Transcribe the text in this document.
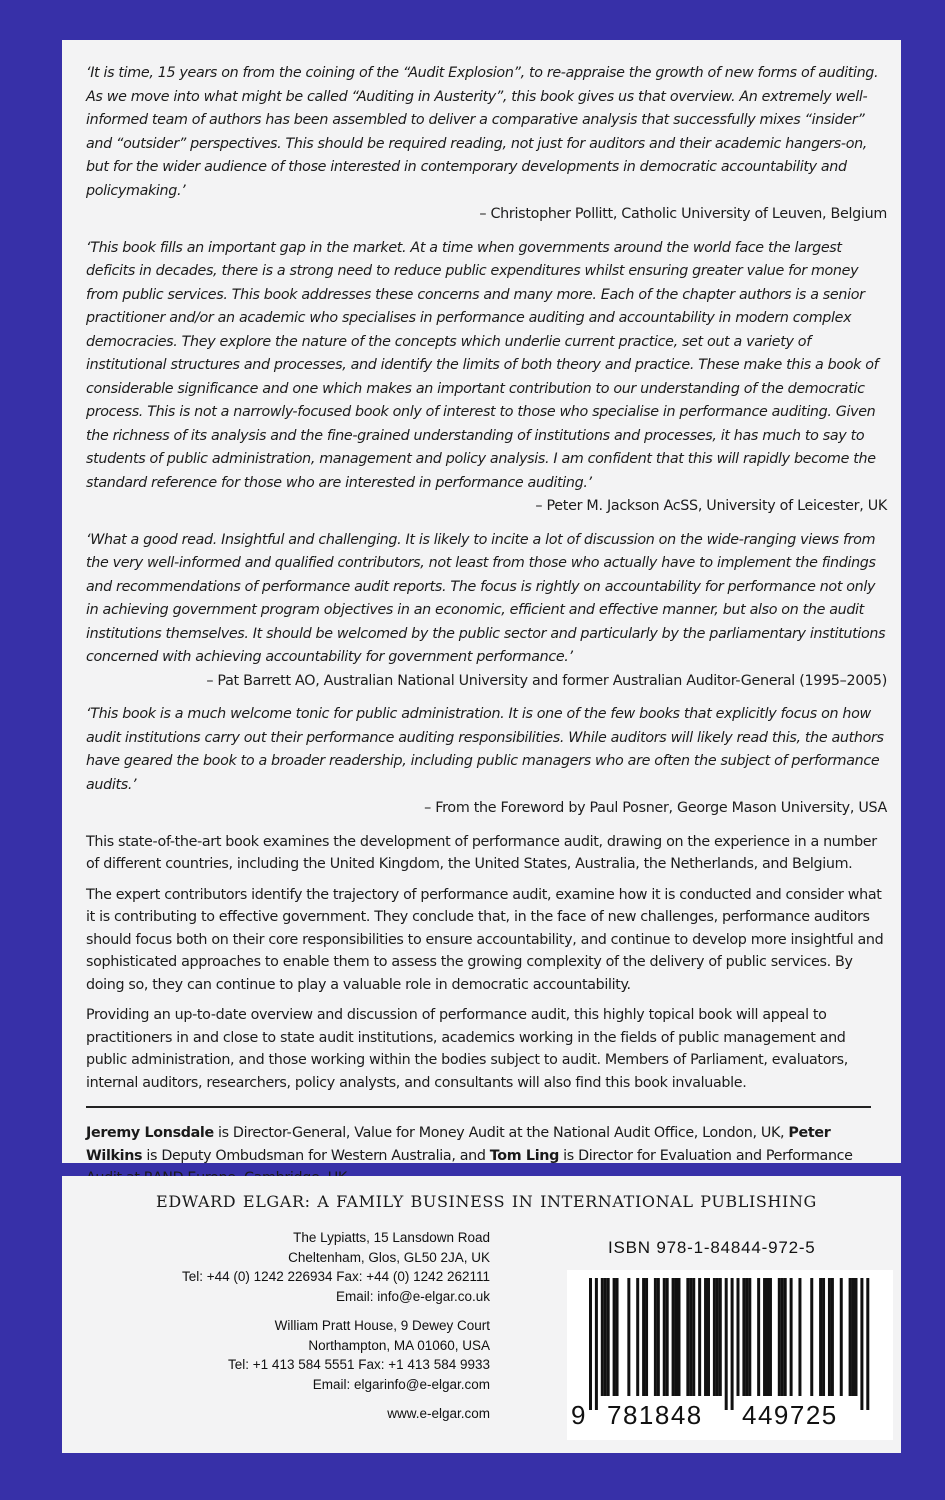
‘It is time, 15 years on from the coining of the “Audit Explosion”, to re-appraise the growth of new forms of auditing. As we move into what might be called “Auditing in Austerity”, this book gives us that overview. An extremely well-informed team of authors has been assembled to deliver a comparative analysis that successfully mixes “insider” and “outsider” perspectives. This should be required reading, not just for auditors and their academic hangers-on, but for the wider audience of those interested in contemporary developments in democratic accountability and policymaking.’

– Christopher Pollitt, Catholic University of Leuven, Belgium

‘This book fills an important gap in the market. At a time when governments around the world face the largest deficits in decades, there is a strong need to reduce public expenditures whilst ensuring greater value for money from public services. This book addresses these concerns and many more. Each of the chapter authors is a senior practitioner and/or an academic who specialises in performance auditing and accountability in modern complex democracies. They explore the nature of the concepts which underlie current practice, set out a variety of institutional structures and processes, and identify the limits of both theory and practice. These make this a book of considerable significance and one which makes an important contribution to our understanding of the democratic process. This is not a narrowly-focused book only of interest to those who specialise in performance auditing. Given the richness of its analysis and the fine-grained understanding of institutions and processes, it has much to say to students of public administration, management and policy analysis. I am confident that this will rapidly become the standard reference for those who are interested in performance auditing.’

– Peter M. Jackson AcSS, University of Leicester, UK

‘What a good read. Insightful and challenging. It is likely to incite a lot of discussion on the wide-ranging views from the very well-informed and qualified contributors, not least from those who actually have to implement the findings and recommendations of performance audit reports. The focus is rightly on accountability for performance not only in achieving government program objectives in an economic, efficient and effective manner, but also on the audit institutions themselves. It should be welcomed by the public sector and particularly by the parliamentary institutions concerned with achieving accountability for government performance.’

– Pat Barrett AO, Australian National University and former Australian Auditor-General (1995–2005)

‘This book is a much welcome tonic for public administration. It is one of the few books that explicitly focus on how audit institutions carry out their performance auditing responsibilities. While auditors will likely read this, the authors have geared the book to a broader readership, including public managers who are often the subject of performance audits.’

– From the Foreword by Paul Posner, George Mason University, USA

This state-of-the-art book examines the development of performance audit, drawing on the experience in a number of different countries, including the United Kingdom, the United States, Australia, the Netherlands, and Belgium.

The expert contributors identify the trajectory of performance audit, examine how it is conducted and consider what it is contributing to effective government. They conclude that, in the face of new challenges, performance auditors should focus both on their core responsibilities to ensure accountability, and continue to develop more insightful and sophisticated approaches to enable them to assess the growing complexity of the delivery of public services. By doing so, they can continue to play a valuable role in democratic accountability.

Providing an up-to-date overview and discussion of performance audit, this highly topical book will appeal to practitioners in and close to state audit institutions, academics working in the fields of public management and public administration, and those working within the bodies subject to audit. Members of Parliament, evaluators, internal auditors, researchers, policy analysts, and consultants will also find this book invaluable.

Jeremy Lonsdale is Director-General, Value for Money Audit at the National Audit Office, London, UK, Peter Wilkins is Deputy Ombudsman for Western Australia, and Tom Ling is Director for Evaluation and Performance

EDWARD ELGAR: A FAMILY BUSINESS IN INTERNATIONAL PUBLISHING
The Lypiatts, 15 Lansdown Road
Cheltenham, Glos, GL50 2JA, UK
Tel: +44 (0) 1242 226934 Fax: +44 (0) 1242 262111
Email: info@e-elgar.co.uk
William Pratt House, 9 Dewey Court
Northampton, MA 01060, USA
Tel: +1 413 584 5551 Fax: +1 413 584 9933
Email: elgarinfo@e-elgar.com
www.e-elgar.com
ISBN 978-1-84844-972-5
9 781848 449725
